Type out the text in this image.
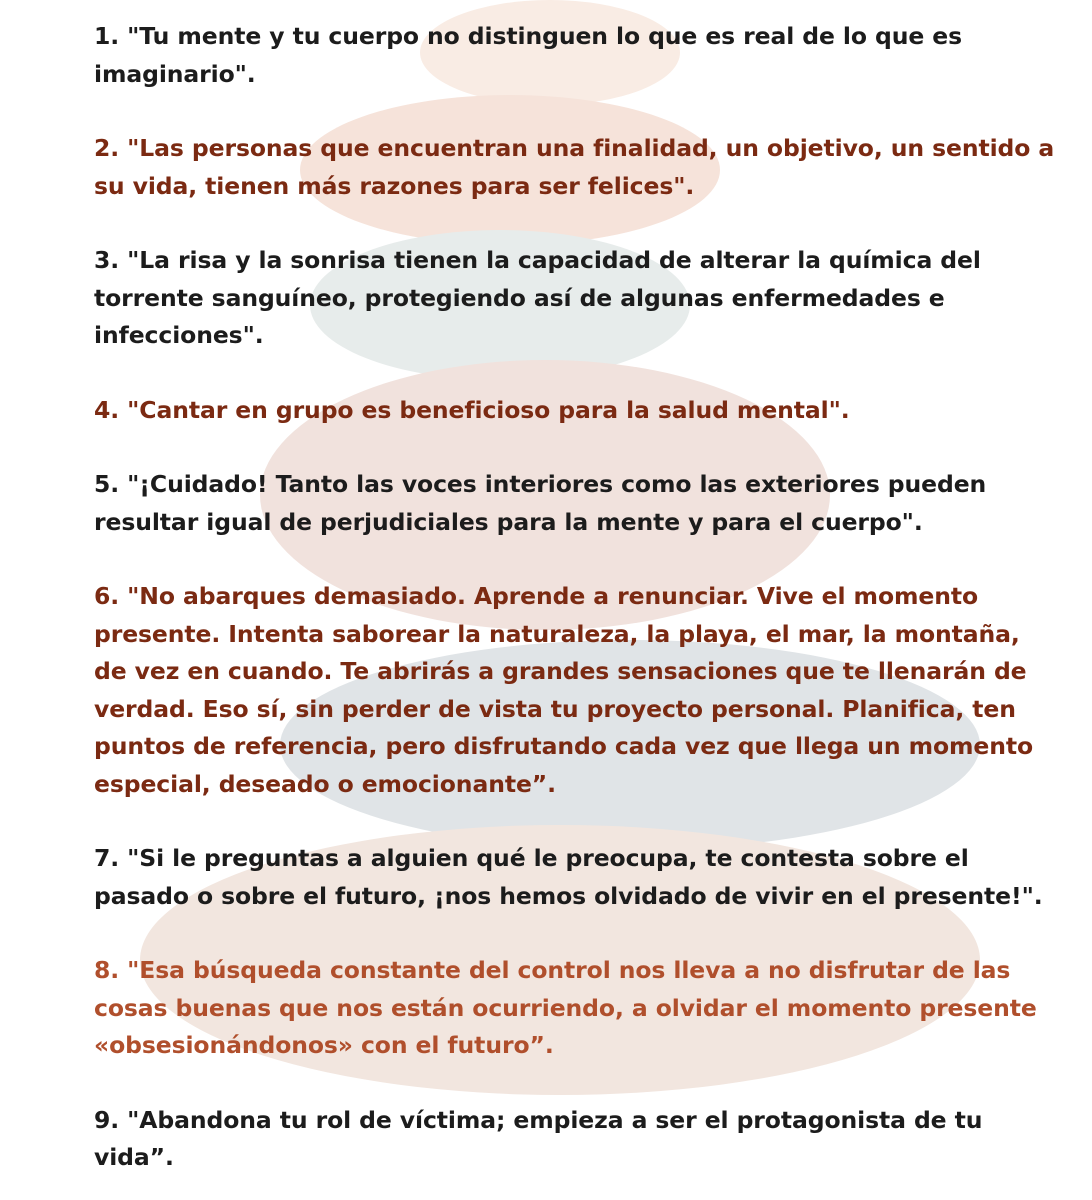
1. "Tu mente y tu cuerpo no distinguen lo que es real de lo que es
imaginario".

2. "Las personas que encuentran una finalidad, un objetivo, un sentido a
su vida, tienen más razones para ser felices".

3. "La risa y la sonrisa tienen la capacidad de alterar la química del
torrente sanguíneo, protegiendo así de algunas enfermedades e
infecciones".

4. "Cantar en grupo es beneficioso para la salud mental".

5. "¡Cuidado! Tanto las voces interiores como las exteriores pueden
resultar igual de perjudiciales para la mente y para el cuerpo".

6. "No abarques demasiado. Aprende a renunciar. Vive el momento
presente. Intenta saborear la naturaleza, la playa, el mar, la montaña,
de vez en cuando. Te abrirás a grandes sensaciones que te llenarán de
verdad. Eso sí, sin perder de vista tu proyecto personal. Planifica, ten
puntos de referencia, pero disfrutando cada vez que llega un momento
especial, deseado o emocionante”.

7. "Si le preguntas a alguien qué le preocupa, te contesta sobre el
pasado o sobre el futuro, ¡nos hemos olvidado de vivir en el presente!".

8. "Esa búsqueda constante del control nos lleva a no disfrutar de las
cosas buenas que nos están ocurriendo, a olvidar el momento presente
«obsesionándonos» con el futuro”.

9. "Abandona tu rol de víctima; empieza a ser el protagonista de tu
vida”.
